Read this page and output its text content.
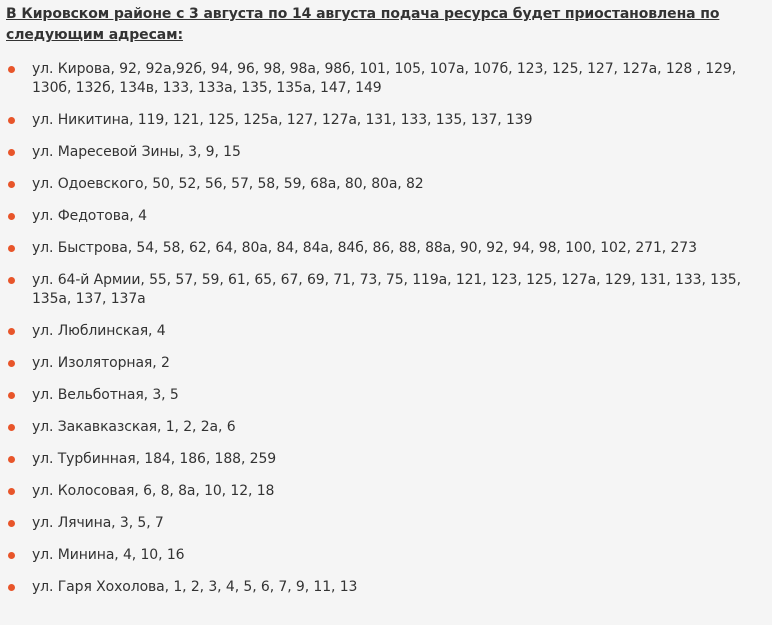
В Кировском районе с 3 августа по 14 августа подача ресурса будет приостановлена по следующим адресам:

ул. Кирова, 92, 92а,92б, 94, 96, 98, 98а, 98б, 101, 105, 107а, 107б, 123, 125, 127, 127а, 128 , 129, 130б, 132б, 134в, 133, 133а, 135, 135а, 147, 149
ул. Никитина, 119, 121, 125, 125а, 127, 127а, 131, 133, 135, 137, 139
ул. Маресевой Зины, 3, 9, 15
ул. Одоевского, 50, 52, 56, 57, 58, 59, 68а, 80, 80а, 82
ул. Федотова, 4
ул. Быстрова, 54, 58, 62, 64, 80а, 84, 84а, 84б, 86, 88, 88а, 90, 92, 94, 98, 100, 102, 271, 273
ул. 64-й Армии, 55, 57, 59, 61, 65, 67, 69, 71, 73, 75, 119а, 121, 123, 125, 127а, 129, 131, 133, 135, 135а, 137, 137а
ул. Люблинская, 4
ул. Изоляторная, 2
ул. Вельботная, 3, 5
ул. Закавказская, 1, 2, 2а, 6
ул. Турбинная, 184, 186, 188, 259
ул. Колосовая, 6, 8, 8а, 10, 12, 18
ул. Лячина, 3, 5, 7
ул. Минина, 4, 10, 16
ул. Гаря Хохолова, 1, 2, 3, 4, 5, 6, 7, 9, 11, 13
